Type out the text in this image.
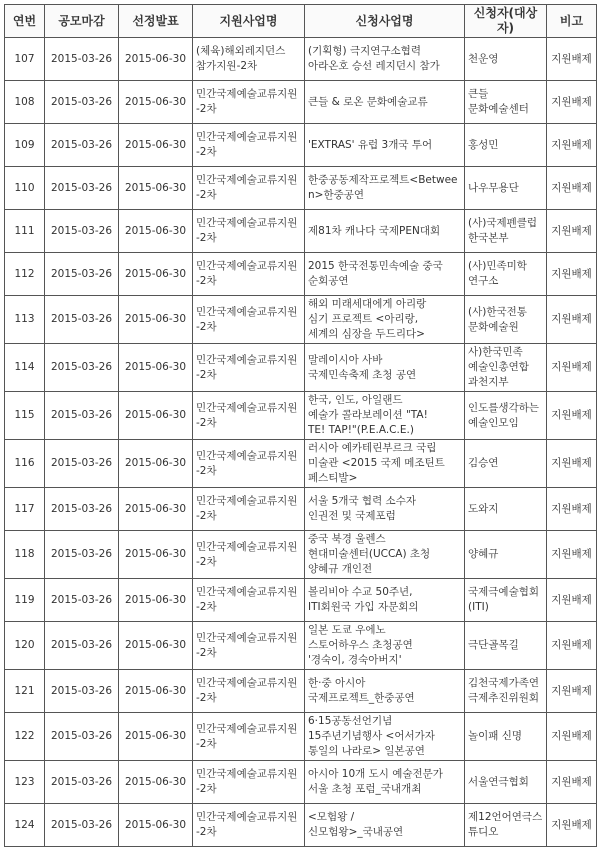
연번	공모마감	선정발표	지원사업명	신청사업명	신청자(대상자)	비고

107	2015-03-26	2015-06-30	(체육)해외레지던스
참가지원-2차	(기획형) 극지연구소협력
아라온호 승선 레지던시 참가	천운영	지원배제

108	2015-03-26	2015-06-30	민간국제예술교류지원
-2차	큰들 & 로온 문화예술교류	큰들
문화예술센터	지원배제

109	2015-03-26	2015-06-30	민간국제예술교류지원
-2차	'EXTRAS' 유럽 3개국 투어	홍성민	지원배제

110	2015-03-26	2015-06-30	민간국제예술교류지원
-2차	한중공동제작프로젝트<Betwee
n>한중공연	나우무용단	지원배제

111	2015-03-26	2015-06-30	민간국제예술교류지원
-2차	제81차 캐나다 국제PEN대회	(사)국제펜클럽
한국본부	지원배제

112	2015-03-26	2015-06-30	민간국제예술교류지원
-2차	2015 한국전통민속예술 중국
순회공연	(사)민족미학
연구소	지원배제

113	2015-03-26	2015-06-30	민간국제예술교류지원
-2차	해외 미래세대에게 아리랑
심기 프로젝트 <아리랑,
세계의 심장을 두드리다>	(사)한국전통
문화예술원	지원배제

114	2015-03-26	2015-06-30	민간국제예술교류지원
-2차	말레이시아 사바
국제민속축제 초청 공연	사)한국민족
예술인총연합
과천지부	지원배제

115	2015-03-26	2015-06-30	민간국제예술교류지원
-2차	한국, 인도, 아일랜드
예술가 콜라보레이션 "TA!
TE! TAP!"(P.E.A.C.E.)	인도를생각하는
예술인모임	지원배제

116	2015-03-26	2015-06-30	민간국제예술교류지원
-2차	러시아 예카테린부르크 국립
미술관 <2015 국제 메조틴트
페스티발>	김승연	지원배제

117	2015-03-26	2015-06-30	민간국제예술교류지원
-2차	서울 5개국 협력 소수자
인권전 및 국제포럼	도와지	지원배제

118	2015-03-26	2015-06-30	민간국제예술교류지원
-2차	중국 북경 울렌스
현대미술센터(UCCA) 초청
양혜규 개인전	양혜규	지원배제

119	2015-03-26	2015-06-30	민간국제예술교류지원
-2차	볼리비아 수교 50주년,
ITI회원국 가입 자문회의	국제극예술협회
(ITI)	지원배제

120	2015-03-26	2015-06-30	민간국제예술교류지원
-2차	일본 도쿄 우에노
스토어하우스 초청공연
'경숙이, 경숙아버지'	극단골목길	지원배제

121	2015-03-26	2015-06-30	민간국제예술교류지원
-2차	한·중 아시아
국제프로젝트_한중공연	김천국제가족연
극제추진위원회	지원배제

122	2015-03-26	2015-06-30	민간국제예술교류지원
-2차	6·15공동선언기념
15주년기념행사 <어서가자
통일의 나라로> 일본공연	놀이패 신명	지원배제

123	2015-03-26	2015-06-30	민간국제예술교류지원
-2차	아시아 10개 도시 예술전문가
서울 초청 포럼_국내개최	서울연극협회	지원배제

124	2015-03-26	2015-06-30	민간국제예술교류지원
-2차	<모험왕 /
신모험왕>_국내공연	제12언어연극스
튜디오	지원배제
